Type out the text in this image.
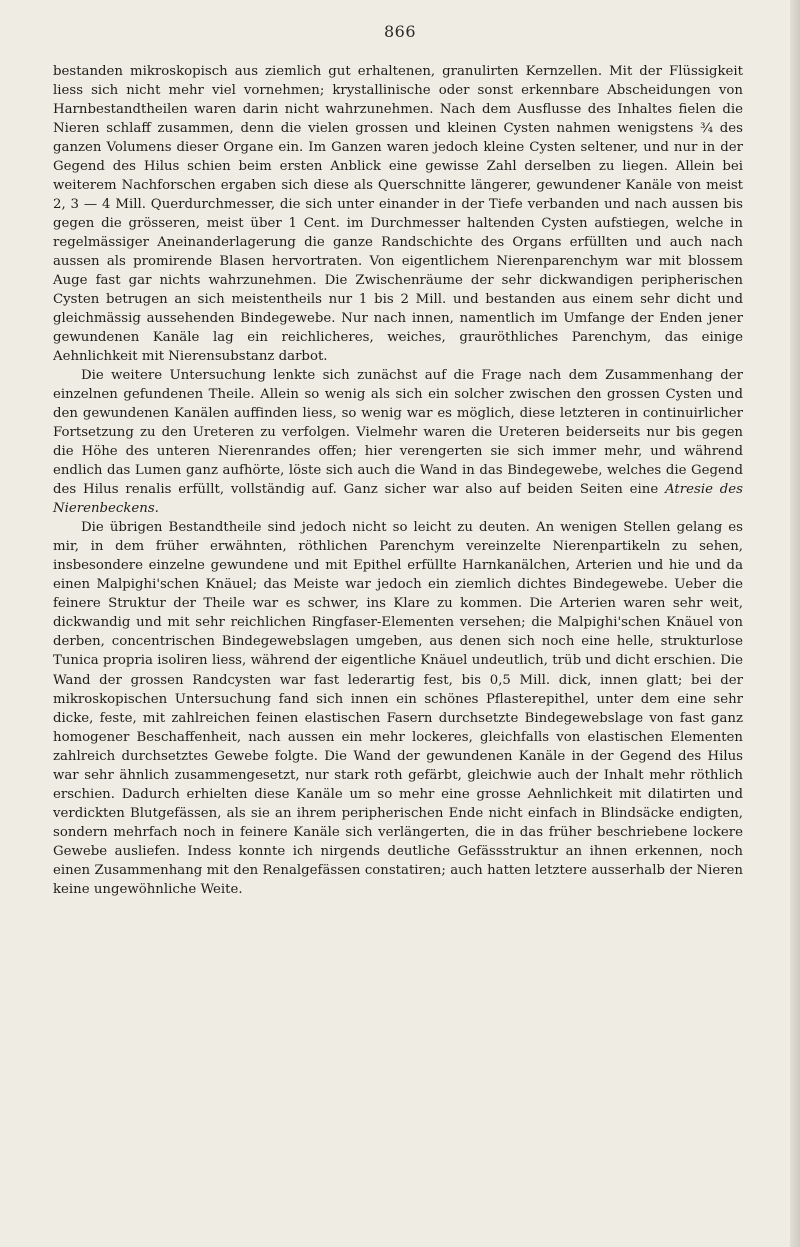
866

bestanden mikroskopisch aus ziemlich gut erhaltenen, granulirten Kernzellen. Mit der Flüssigkeit liess sich nicht mehr viel vornehmen; krystallinische oder sonst erkennbare Abscheidungen von Harnbestandtheilen waren darin nicht wahrzunehmen. Nach dem Ausflusse des Inhaltes fielen die Nieren schlaff zusammen, denn die vielen grossen und kleinen Cysten nahmen wenigstens ¾ des ganzen Volumens dieser Organe ein. Im Ganzen waren jedoch kleine Cysten seltener, und nur in der Gegend des Hilus schien beim ersten Anblick eine gewisse Zahl derselben zu liegen. Allein bei weiterem Nachforschen ergaben sich diese als Querschnitte längerer, gewundener Kanäle von meist 2, 3 — 4 Mill. Querdurchmesser, die sich unter einander in der Tiefe verbanden und nach aussen bis gegen die grösseren, meist über 1 Cent. im Durchmesser haltenden Cysten aufstiegen, welche in regelmässiger Aneinanderlagerung die ganze Randschichte des Organs erfüllten und auch nach aussen als promirende Blasen hervortraten. Von eigentlichem Nierenparenchym war mit blossem Auge fast gar nichts wahrzunehmen. Die Zwischenräume der sehr dickwandigen peripherischen Cysten betrugen an sich meistentheils nur 1 bis 2 Mill. und bestanden aus einem sehr dicht und gleichmässig aussehenden Bindegewebe. Nur nach innen, namentlich im Umfange der Enden jener gewundenen Kanäle lag ein reichlicheres, weiches, grauröthliches Parenchym, das einige Aehnlichkeit mit Nierensubstanz darbot.

Die weitere Untersuchung lenkte sich zunächst auf die Frage nach dem Zusammenhang der einzelnen gefundenen Theile. Allein so wenig als sich ein solcher zwischen den grossen Cysten und den gewundenen Kanälen auffinden liess, so wenig war es möglich, diese letzteren in continuirlicher Fortsetzung zu den Ureteren zu verfolgen. Vielmehr waren die Ureteren beiderseits nur bis gegen die Höhe des unteren Nierenrandes offen; hier verengerten sie sich immer mehr, und während endlich das Lumen ganz aufhörte, löste sich auch die Wand in das Bindegewebe, welches die Gegend des Hilus renalis erfüllt, vollständig auf. Ganz sicher war also auf beiden Seiten eine Atresie des Nierenbeckens.

Die übrigen Bestandtheile sind jedoch nicht so leicht zu deuten. An wenigen Stellen gelang es mir, in dem früher erwähnten, röthlichen Parenchym vereinzelte Nierenpartikeln zu sehen, insbesondere einzelne gewundene und mit Epithel erfüllte Harnkanälchen, Arterien und hie und da einen Malpighi'schen Knäuel; das Meiste war jedoch ein ziemlich dichtes Bindegewebe. Ueber die feinere Struktur der Theile war es schwer, ins Klare zu kommen. Die Arterien waren sehr weit, dickwandig und mit sehr reichlichen Ringfaser-Elementen versehen; die Malpighi'schen Knäuel von derben, concentrischen Bindegewebslagen umgeben, aus denen sich noch eine helle, strukturlose Tunica propria isoliren liess, während der eigentliche Knäuel undeutlich, trüb und dicht erschien. Die Wand der grossen Randcysten war fast lederartig fest, bis 0,5 Mill. dick, innen glatt; bei der mikroskopischen Untersuchung fand sich innen ein schönes Pflasterepithel, unter dem eine sehr dicke, feste, mit zahlreichen feinen elastischen Fasern durchsetzte Bindegewebslage von fast ganz homogener Beschaffenheit, nach aussen ein mehr lockeres, gleichfalls von elastischen Elementen zahlreich durchsetztes Gewebe folgte. Die Wand der gewundenen Kanäle in der Gegend des Hilus war sehr ähnlich zusammengesetzt, nur stark roth gefärbt, gleichwie auch der Inhalt mehr röthlich erschien. Dadurch erhielten diese Kanäle um so mehr eine grosse Aehnlichkeit mit dilatirten und verdickten Blutgefässen, als sie an ihrem peripherischen Ende nicht einfach in Blindsäcke endigten, sondern mehrfach noch in feinere Kanäle sich verlängerten, die in das früher beschriebene lockere Gewebe ausliefen. Indess konnte ich nirgends deutliche Gefässstruktur an ihnen erkennen, noch einen Zusammenhang mit den Renalgefässen constatiren; auch hatten letztere ausserhalb der Nieren keine ungewöhnliche Weite.
